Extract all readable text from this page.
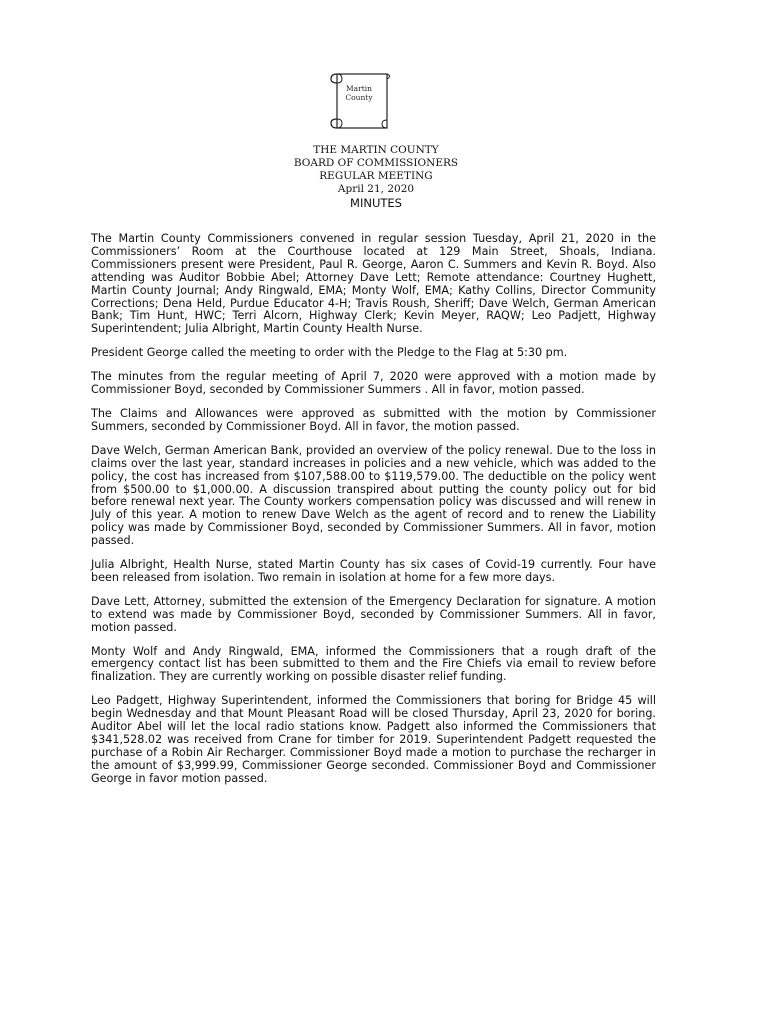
Martin
County
THE MARTIN COUNTY
BOARD OF COMMISSIONERS
REGULAR MEETING
April 21, 2020
MINUTES

The Martin County Commissioners convened in regular session Tuesday, April 21, 2020 in the Commissioners’ Room at the Courthouse located at 129 Main Street, Shoals, Indiana. Commissioners present were President, Paul R. George, Aaron C. Summers and Kevin R. Boyd. Also attending was Auditor Bobbie Abel; Attorney Dave Lett; Remote attendance: Courtney Hughett, Martin County Journal; Andy Ringwald, EMA; Monty Wolf, EMA; Kathy Collins, Director Community Corrections; Dena Held, Purdue Educator 4-H; Travis Roush, Sheriff; Dave Welch, German American Bank; Tim Hunt, HWC; Terri Alcorn, Highway Clerk; Kevin Meyer, RAQW; Leo Padjett, Highway Superintendent; Julia Albright, Martin County Health Nurse.

President George called the meeting to order with the Pledge to the Flag at 5:30 pm.

The minutes from the regular meeting of April 7, 2020 were approved with a motion made by Commissioner Boyd, seconded by Commissioner Summers . All in favor, motion passed.

The Claims and Allowances were approved as submitted with the motion by Commissioner Summers, seconded by Commissioner Boyd. All in favor, the motion passed.

Dave Welch, German American Bank, provided an overview of the policy renewal. Due to the loss in claims over the last year, standard increases in policies and a new vehicle, which was added to the policy, the cost has increased from $107,588.00 to $119,579.00. The deductible on the policy went from $500.00 to $1,000.00. A discussion transpired about putting the county policy out for bid before renewal next year. The County workers compensation policy was discussed and will renew in July of this year. A motion to renew Dave Welch as the agent of record and to renew the Liability policy was made by Commissioner Boyd, seconded by Commissioner Summers. All in favor, motion passed.

Julia Albright, Health Nurse, stated Martin County has six cases of Covid-19 currently. Four have been released from isolation. Two remain in isolation at home for a few more days.

Dave Lett, Attorney, submitted the extension of the Emergency Declaration for signature. A motion to extend was made by Commissioner Boyd, seconded by Commissioner Summers. All in favor, motion passed.

Monty Wolf and Andy Ringwald, EMA, informed the Commissioners that a rough draft of the emergency contact list has been submitted to them and the Fire Chiefs via email to review before finalization. They are currently working on possible disaster relief funding.

Leo Padgett, Highway Superintendent, informed the Commissioners that boring for Bridge 45 will begin Wednesday and that Mount Pleasant Road will be closed Thursday, April 23, 2020 for boring. Auditor Abel will let the local radio stations know. Padgett also informed the Commissioners that $341,528.02 was received from Crane for timber for 2019. Superintendent Padgett requested the purchase of a Robin Air Recharger. Commissioner Boyd made a motion to purchase the recharger in the amount of $3,999.99, Commissioner George seconded. Commissioner Boyd and Commissioner George in favor motion passed.
